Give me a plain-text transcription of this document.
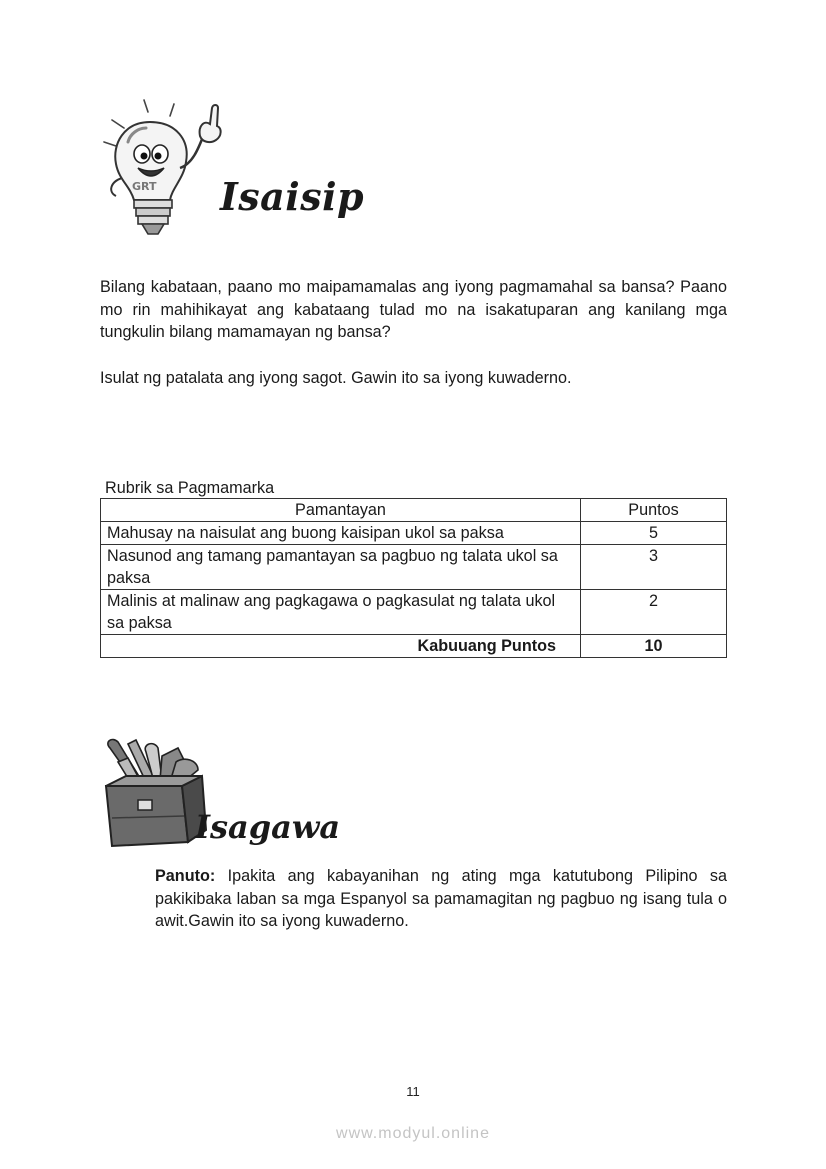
GRT Isaisip
Bilang kabataan, paano mo maipamamalas ang iyong pagmamahal sa bansa? Paano mo rin mahihikayat ang kabataang tulad mo na isakatuparan ang kanilang mga tungkulin bilang mamamayan ng bansa?
Isulat ng patalata ang iyong sagot. Gawin ito sa iyong kuwaderno.
Rubrik sa Pagmamarka
Pamantayan	Puntos
Mahusay na naisulat ang buong kaisipan ukol sa paksa	5
Nasunod ang tamang pamantayan sa pagbuo ng talata ukol sa paksa	3
Malinis at malinaw ang pagkagawa o pagkasulat ng talata ukol sa paksa	2
Kabuuang Puntos	10
Isagawa
Panuto: Ipakita ang kabayanihan ng ating mga katutubong Pilipino sa pakikibaka laban sa mga Espanyol sa pamamagitan ng pagbuo ng isang tula o awit.Gawin ito sa iyong kuwaderno.
11
www.modyul.online
